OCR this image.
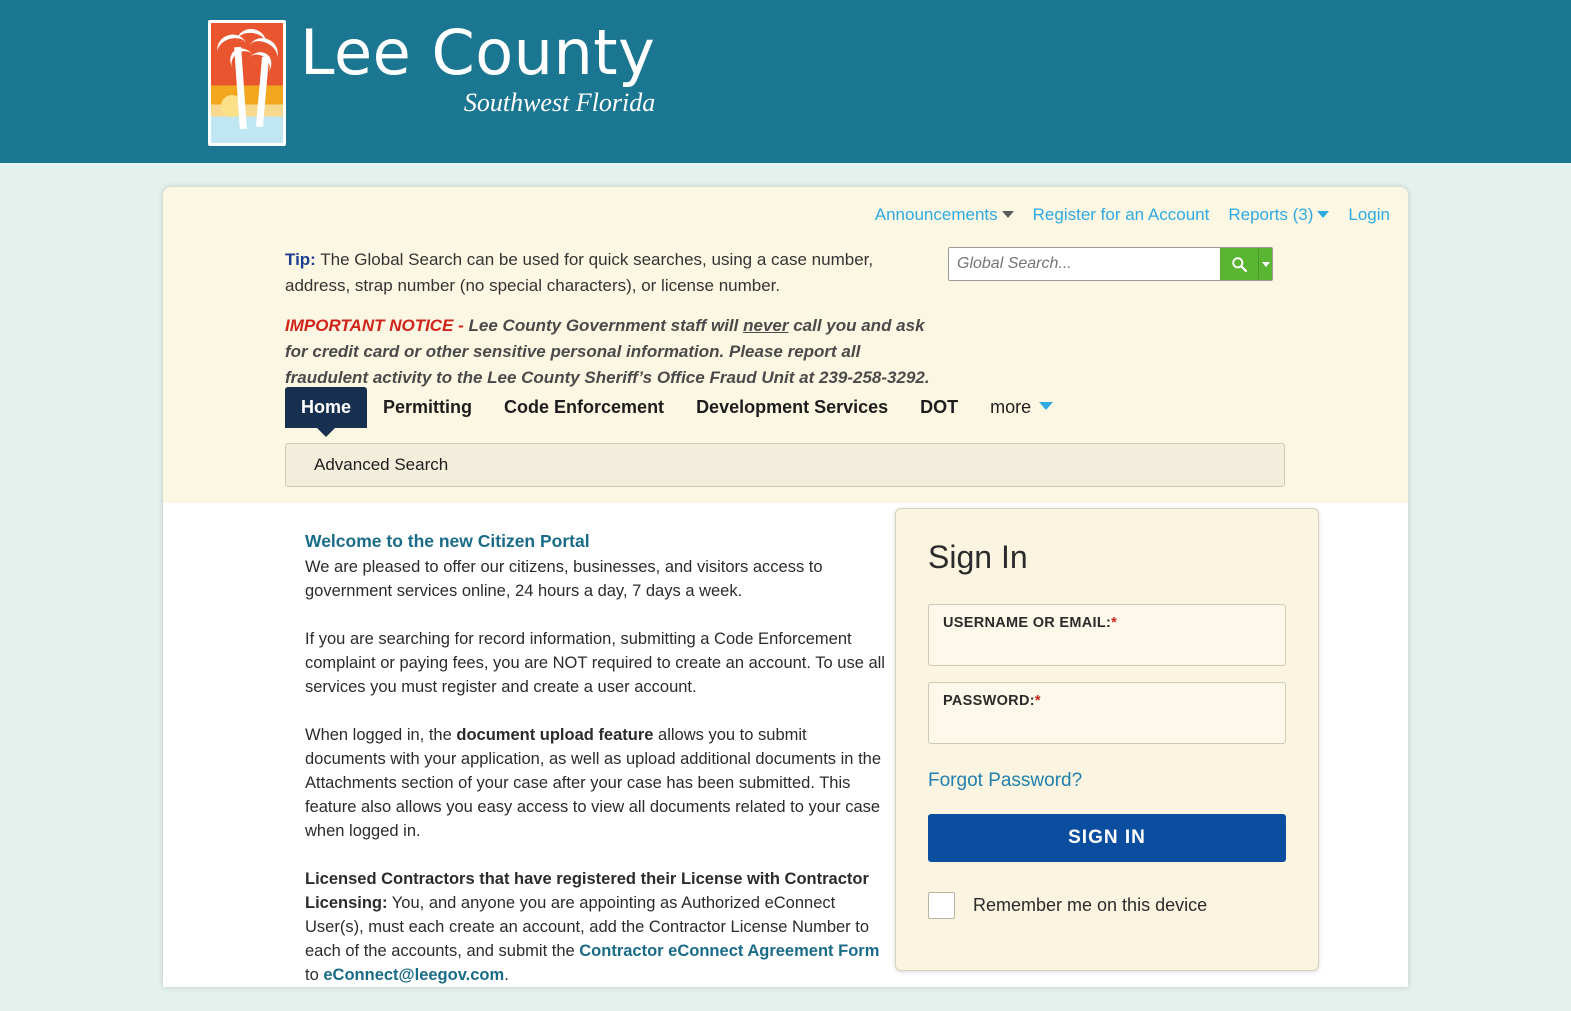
Lee County
Southwest Florida
Announcements	Register for an Account Reports (3)	Login
Tip: The Global Search can be used for quick searches, using a case number, address, strap number (no special characters), or license number.
IMPORTANT NOTICE - Lee County Government staff will never call you and ask for credit card or other sensitive personal information. Please report all fraudulent activity to the Lee County Sheriff’s Office Fraud Unit at 239-258-3292.
Global Search...
Home	Permitting	Code Enforcement	Development Services	DOT	more
Advanced Search
Welcome to the new Citizen Portal

We are pleased to offer our citizens, businesses, and visitors access to government services online, 24 hours a day, 7 days a week.

If you are searching for record information, submitting a Code Enforcement complaint or paying fees, you are NOT required to create an account. To use all services you must register and create a user account.

When logged in, the document upload feature allows you to submit documents with your application, as well as upload additional documents in the Attachments section of your case after your case has been submitted. This feature also allows you easy access to view all documents related to your case when logged in.

Licensed Contractors that have registered their License with Contractor Licensing: You, and anyone you are appointing as Authorized eConnect User(s), must each create an account, add the Contractor License Number to each of the accounts, and submit the Contractor eConnect Agreement Form to eConnect@leegov.com.

Sign In
USERNAME OR EMAIL:*
PASSWORD:*
Forgot Password? SIGN IN
Remember me on this device
